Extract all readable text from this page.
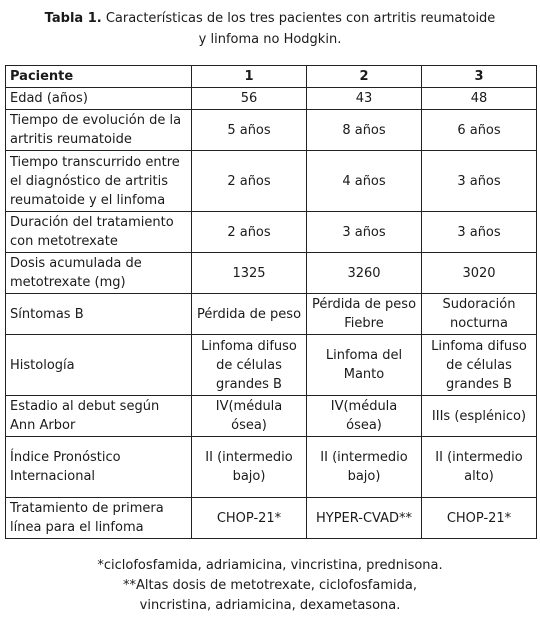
Tabla 1. Características de los tres pacientes con artritis reumatoide
y linfoma no Hodgkin.
Paciente	1	2	3
Edad (años)	56	43	48
Tiempo de evolución de la artritis reumatoide	5 años	8 años	6 años
Tiempo transcurrido entre el diagnóstico de artritis reumatoide y el linfoma	2 años	4 años	3 años
Duración del tratamiento con metotrexate	2 años	3 años	3 años
Dosis acumulada de metotrexate (mg)	1325	3260	3020
Síntomas B	Pérdida de peso	Pérdida de peso Fiebre	Sudoración nocturna
Histología	Linfoma difuso de células grandes B	Linfoma del Manto	Linfoma difuso de células grandes B
Estadio al debut según Ann Arbor	IV(médula ósea)	IV(médula ósea)	IIIs (esplénico)
Índice Pronóstico Internacional	II (intermedio bajo)	II (intermedio bajo)	II (intermedio alto)
Tratamiento de primera línea para el linfoma	CHOP-21*	HYPER-CVAD**	CHOP-21*
*ciclofosfamida, adriamicina, vincristina, prednisona.
**Altas dosis de metotrexate, ciclofosfamida,
vincristina, adriamicina, dexametasona.
